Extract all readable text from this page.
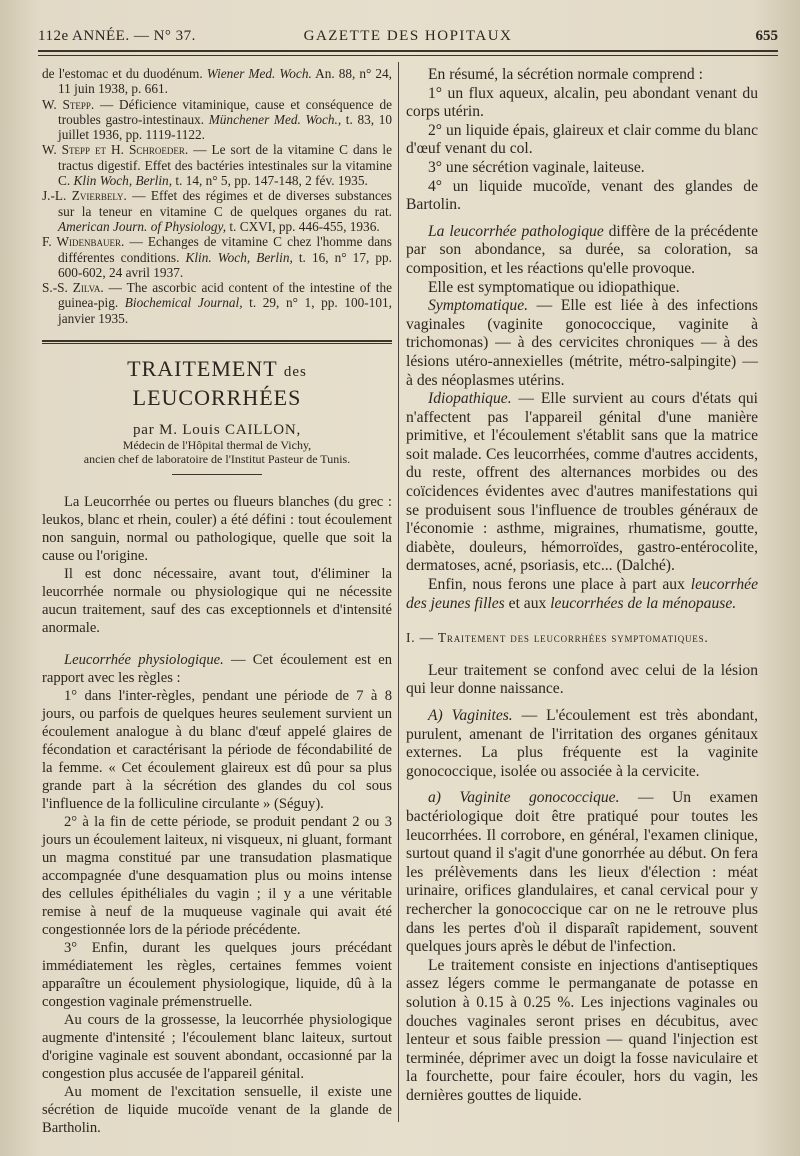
112e ANNÉE. — N° 37.	GAZETTE DES HOPITAUX	655

de l'estomac et du duodénum. Wiener Med. Woch. An. 88, n° 24, 11 juin 1938, p. 661.

W. Stepp. — Déficience vitaminique, cause et conséquence de troubles gastro-intestinaux. Münchener Med. Woch., t. 83, 10 juillet 1936, pp. 1119-1122.

W. Stepp et H. Schroeder. — Le sort de la vitamine C dans le tractus digestif. Effet des bactéries intestinales sur la vitamine C. Klin Woch, Berlin, t. 14, n° 5, pp. 147-148, 2 fév. 1935.

J.-L. Zvierbely. — Effet des régimes et de diverses substances sur la teneur en vitamine C de quelques organes du rat. American Journ. of Physiology, t. CXVI, pp. 446-455, 1936.

F. Widenbauer. — Echanges de vitamine C chez l'homme dans différentes conditions. Klin. Woch, Berlin, t. 16, n° 17, pp. 600-602, 24 avril 1937.

S.-S. Zilva. — The ascorbic acid content of the intestine of the guinea-pig. Biochemical Journal, t. 29, n° 1, pp. 100-101, janvier 1935.

TRAITEMENT des LEUCORRHÉES

par M. Louis CAILLON,

Médecin de l'Hôpital thermal de Vichy,

ancien chef de laboratoire de l'Institut Pasteur de Tunis.

La Leucorrhée ou pertes ou flueurs blanches (du grec : leukos, blanc et rhein, couler) a été défini : tout écoulement non sanguin, normal ou pathologique, quelle que soit la cause ou l'origine.

Il est donc nécessaire, avant tout, d'éliminer la leucorrhée normale ou physiologique qui ne nécessite aucun traitement, sauf des cas exceptionnels et d'intensité anormale.

Leucorrhée physiologique. — Cet écoulement est en rapport avec les règles :

1° dans l'inter-règles, pendant une période de 7 à 8 jours, ou parfois de quelques heures seulement survient un écoulement analogue à du blanc d'œuf appelé glaires de fécondation et caractérisant la période de fécondabilité de la femme. « Cet écoulement glaireux est dû pour sa plus grande part à la sécrétion des glandes du col sous l'influence de la folliculine circulante » (Séguy).

2° à la fin de cette période, se produit pendant 2 ou 3 jours un écoulement laiteux, ni visqueux, ni gluant, formant un magma constitué par une transudation plasmatique accompagnée d'une desquamation plus ou moins intense des cellules épithéliales du vagin ; il y a une véritable remise à neuf de la muqueuse vaginale qui avait été congestionnée lors de la période précédente.

3° Enfin, durant les quelques jours précédant immédiatement les règles, certaines femmes voient apparaître un écoulement physiologique, liquide, dû à la congestion vaginale prémenstruelle.

Au cours de la grossesse, la leucorrhée physiologique augmente d'intensité ; l'écoulement blanc laiteux, surtout d'origine vaginale est souvent abondant, occasionné par la congestion plus accusée de l'appareil génital.

Au moment de l'excitation sensuelle, il existe une sécrétion de liquide mucoïde venant de la glande de Bartholin.

En résumé, la sécrétion normale comprend :

1° un flux aqueux, alcalin, peu abondant venant du corps utérin.

2° un liquide épais, glaireux et clair comme du blanc d'œuf venant du col.

3° une sécrétion vaginale, laiteuse.

4° un liquide mucoïde, venant des glandes de Bartolin.

La leucorrhée pathologique diffère de la précédente par son abondance, sa durée, sa coloration, sa composition, et les réactions qu'elle provoque.

Elle est symptomatique ou idiopathique.

Symptomatique. — Elle est liée à des infections vaginales (vaginite gonococcique, vaginite à trichomonas) — à des cervicites chroniques — à des lésions utéro-annexielles (métrite, métro-salpingite) — à des néoplasmes utérins.

Idiopathique. — Elle survient au cours d'états qui n'affectent pas l'appareil génital d'une manière primitive, et l'écoulement s'établit sans que la matrice soit malade. Ces leucorrhées, comme d'autres accidents, du reste, offrent des alternances morbides ou des coïcidences évidentes avec d'autres manifestations qui se produisent sous l'influence de troubles généraux de l'économie : asthme, migraines, rhumatisme, goutte, diabète, douleurs, hémorroïdes, gastro-entérocolite, dermatoses, acné, psoriasis, etc... (Dalché).

Enfin, nous ferons une place à part aux leucorrhée des jeunes filles et aux leucorrhées de la ménopause.

I. — Traitement des leucorrhées symptomatiques.

Leur traitement se confond avec celui de la lésion qui leur donne naissance.

A) Vaginites. — L'écoulement est très abondant, purulent, amenant de l'irritation des organes génitaux externes. La plus fréquente est la vaginite gonococcique, isolée ou associée à la cervicite.

a) Vaginite gonococcique. — Un examen bactériologique doit être pratiqué pour toutes les leucorrhées. Il corrobore, en général, l'examen clinique, surtout quand il s'agit d'une gonorrhée au début. On fera les prélèvements dans les lieux d'élection : méat urinaire, orifices glandulaires, et canal cervical pour y rechercher la gonococcique car on ne le retrouve plus dans les pertes d'où il disparaît rapidement, souvent quelques jours après le début de l'infection.

Le traitement consiste en injections d'antiseptiques assez légers comme le permanganate de potasse en solution à 0.15 à 0.25 %. Les injections vaginales ou douches vaginales seront prises en décubitus, avec lenteur et sous faible pression — quand l'injection est terminée, déprimer avec un doigt la fosse naviculaire et la fourchette, pour faire écouler, hors du vagin, les dernières gouttes de liquide.
